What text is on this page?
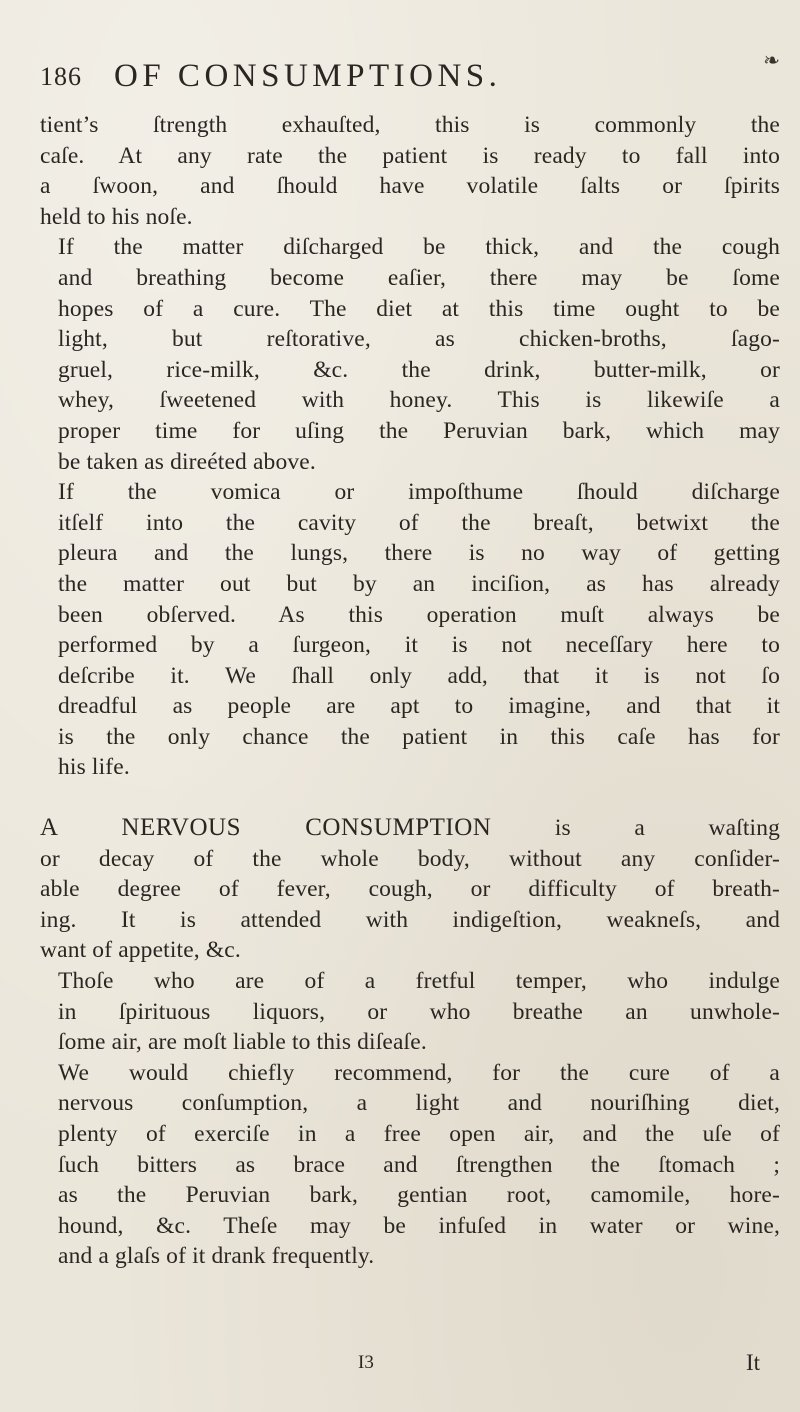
186 OF CONSUMPTIONS.	❧

tient’s ſtrength exhauſted, this is commonly the
caſe. At any rate the patient is ready to fall into
a ſwoon, and ſhould have volatile ſalts or ſpirits
held to his noſe.

If the matter diſcharged be thick, and the cough
and breathing become eaſier, there may be ſome
hopes of a cure. The diet at this time ought to be
light, but reſtorative, as chicken-broths, ſago-
gruel, rice-milk, &c. the drink, butter-milk, or
whey, ſweetened with honey. This is likewiſe a
proper time for uſing the Peruvian bark, which may
be taken as direéted above.

If the vomica or impoſthume ſhould diſcharge
itſelf into the cavity of the breaſt, betwixt the
pleura and the lungs, there is no way of getting
the matter out but by an inciſion, as has already
been obſerved. As this operation muſt always be
performed by a ſurgeon, it is not neceſſary here to
deſcribe it. We ſhall only add, that it is not ſo
dreadful as people are apt to imagine, and that it
is the only chance the patient in this caſe has for
his life.

A NERVOUS CONSUMPTION is a waſting
or decay of the whole body, without any conſider-
able degree of fever, cough, or difficulty of breath-
ing. It is attended with indigeſtion, weakneſs, and
want of appetite, &c.

Thoſe who are of a fretful temper, who indulge
in ſpirituous liquors, or who breathe an unwhole-
ſome air, are moſt liable to this diſeaſe.

We would chiefly recommend, for the cure of a
nervous conſumption, a light and nouriſhing diet,
plenty of exerciſe in a free open air, and the uſe of
ſuch bitters as brace and ſtrengthen the ſtomach ;
as the Peruvian bark, gentian root, camomile, hore-
hound, &c. Theſe may be infuſed in water or wine,
and a glaſs of it drank frequently.

I3	It
